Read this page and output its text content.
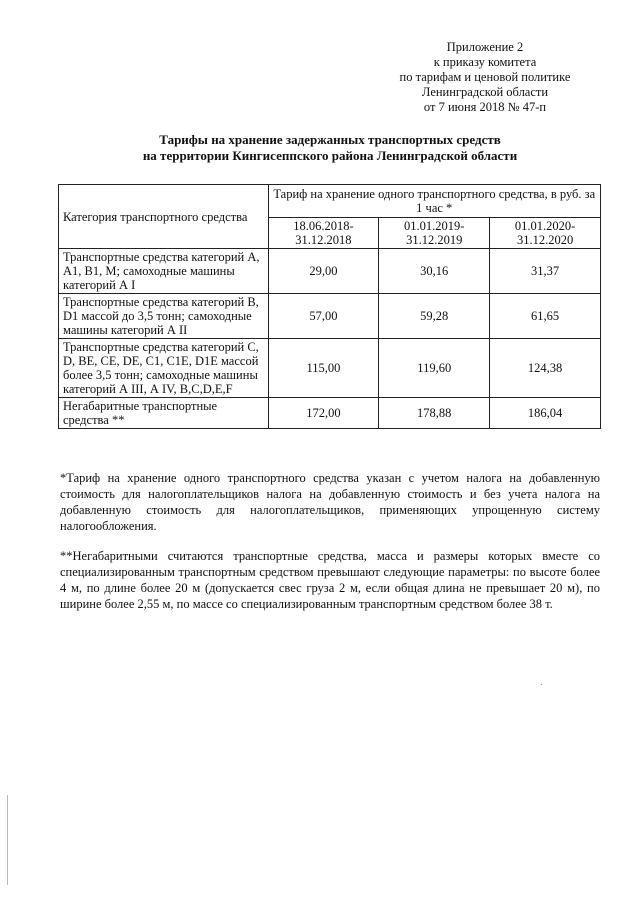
Приложение 2
к приказу комитета
по тарифам и ценовой политике
Ленинградской области
от 7 июня 2018 № 47-п
Тарифы на хранение задержанных транспортных средств
на территории Кингисеппского района Ленинградской области
Категория транспортного средства	Тариф на хранение одного транспортного средства, в руб. за 1 час *		
	18.06.2018-31.12.2018	01.01.2019-31.12.2019	01.01.2020-31.12.2020
Транспортные средства категорий А, А1, В1, М; самоходные машины категорий А I	29,00	30,16	31,37
Транспортные средства категорий В, D1 массой до 3,5 тонн; самоходные машины категорий А II	57,00	59,28	61,65
Транспортные средства категорий С, D, ВЕ, СЕ, DE, С1, С1Е, D1E массой более 3,5 тонн; самоходные машины категорий А III, А IV, В,С,D,Е,F	115,00	119,60	124,38
Негабаритные транспортные средства **	172,00	178,88	186,04
*Тариф на хранение одного транспортного средства указан с учетом налога на добавленную стоимость для налогоплательщиков налога на добавленную стоимость и без учета налога на добавленную стоимость для налогоплательщиков, применяющих упрощенную систему налогообложения.
**Негабаритными считаются транспортные средства, масса и размеры которых вместе со специализированным транспортным средством превышают следующие параметры: по высоте более 4 м, по длине более 20 м (допускается свес груза 2 м, если общая длина не превышает 20 м), по ширине более 2,55 м, по массе со специализированным транспортным средством более 38 т.
